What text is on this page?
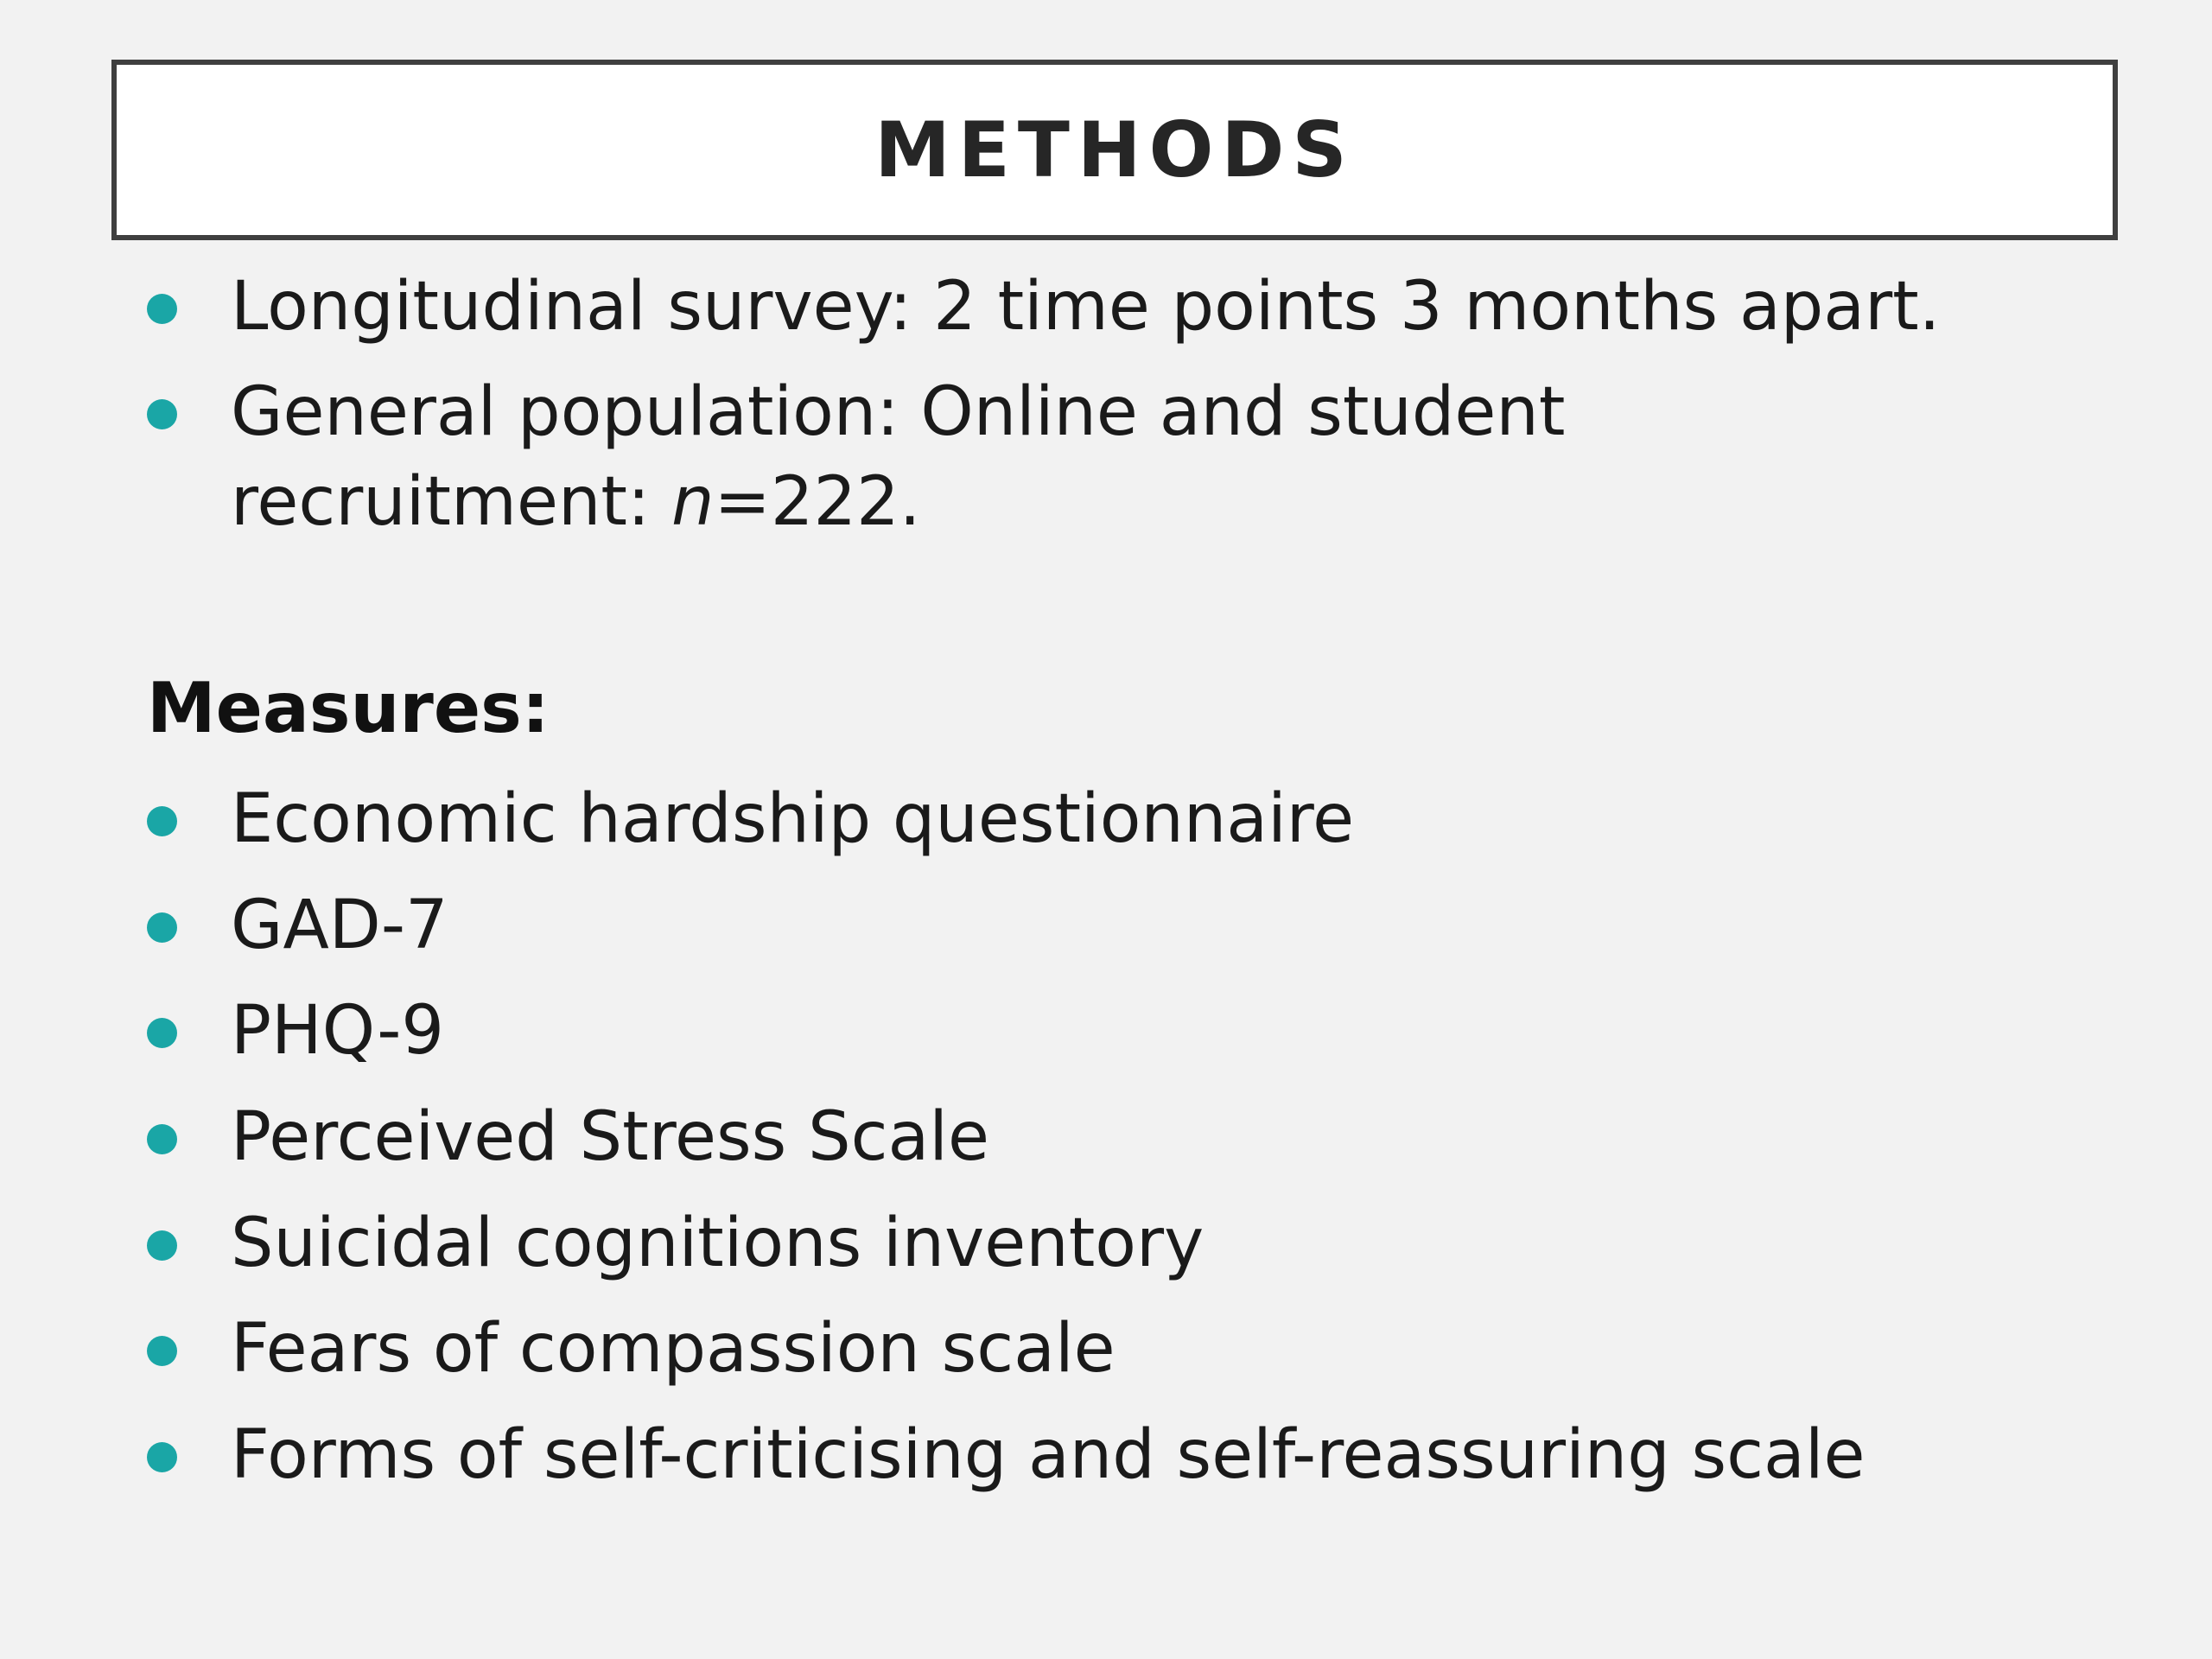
METHODS
Longitudinal survey: 2 time points 3 months apart.
General population: Online and student
recruitment: n=222.
Measures:
Economic hardship questionnaire
GAD-7
PHQ-9
Perceived Stress Scale
Suicidal cognitions inventory
Fears of compassion scale
Forms of self-criticising and self-reassuring scale
